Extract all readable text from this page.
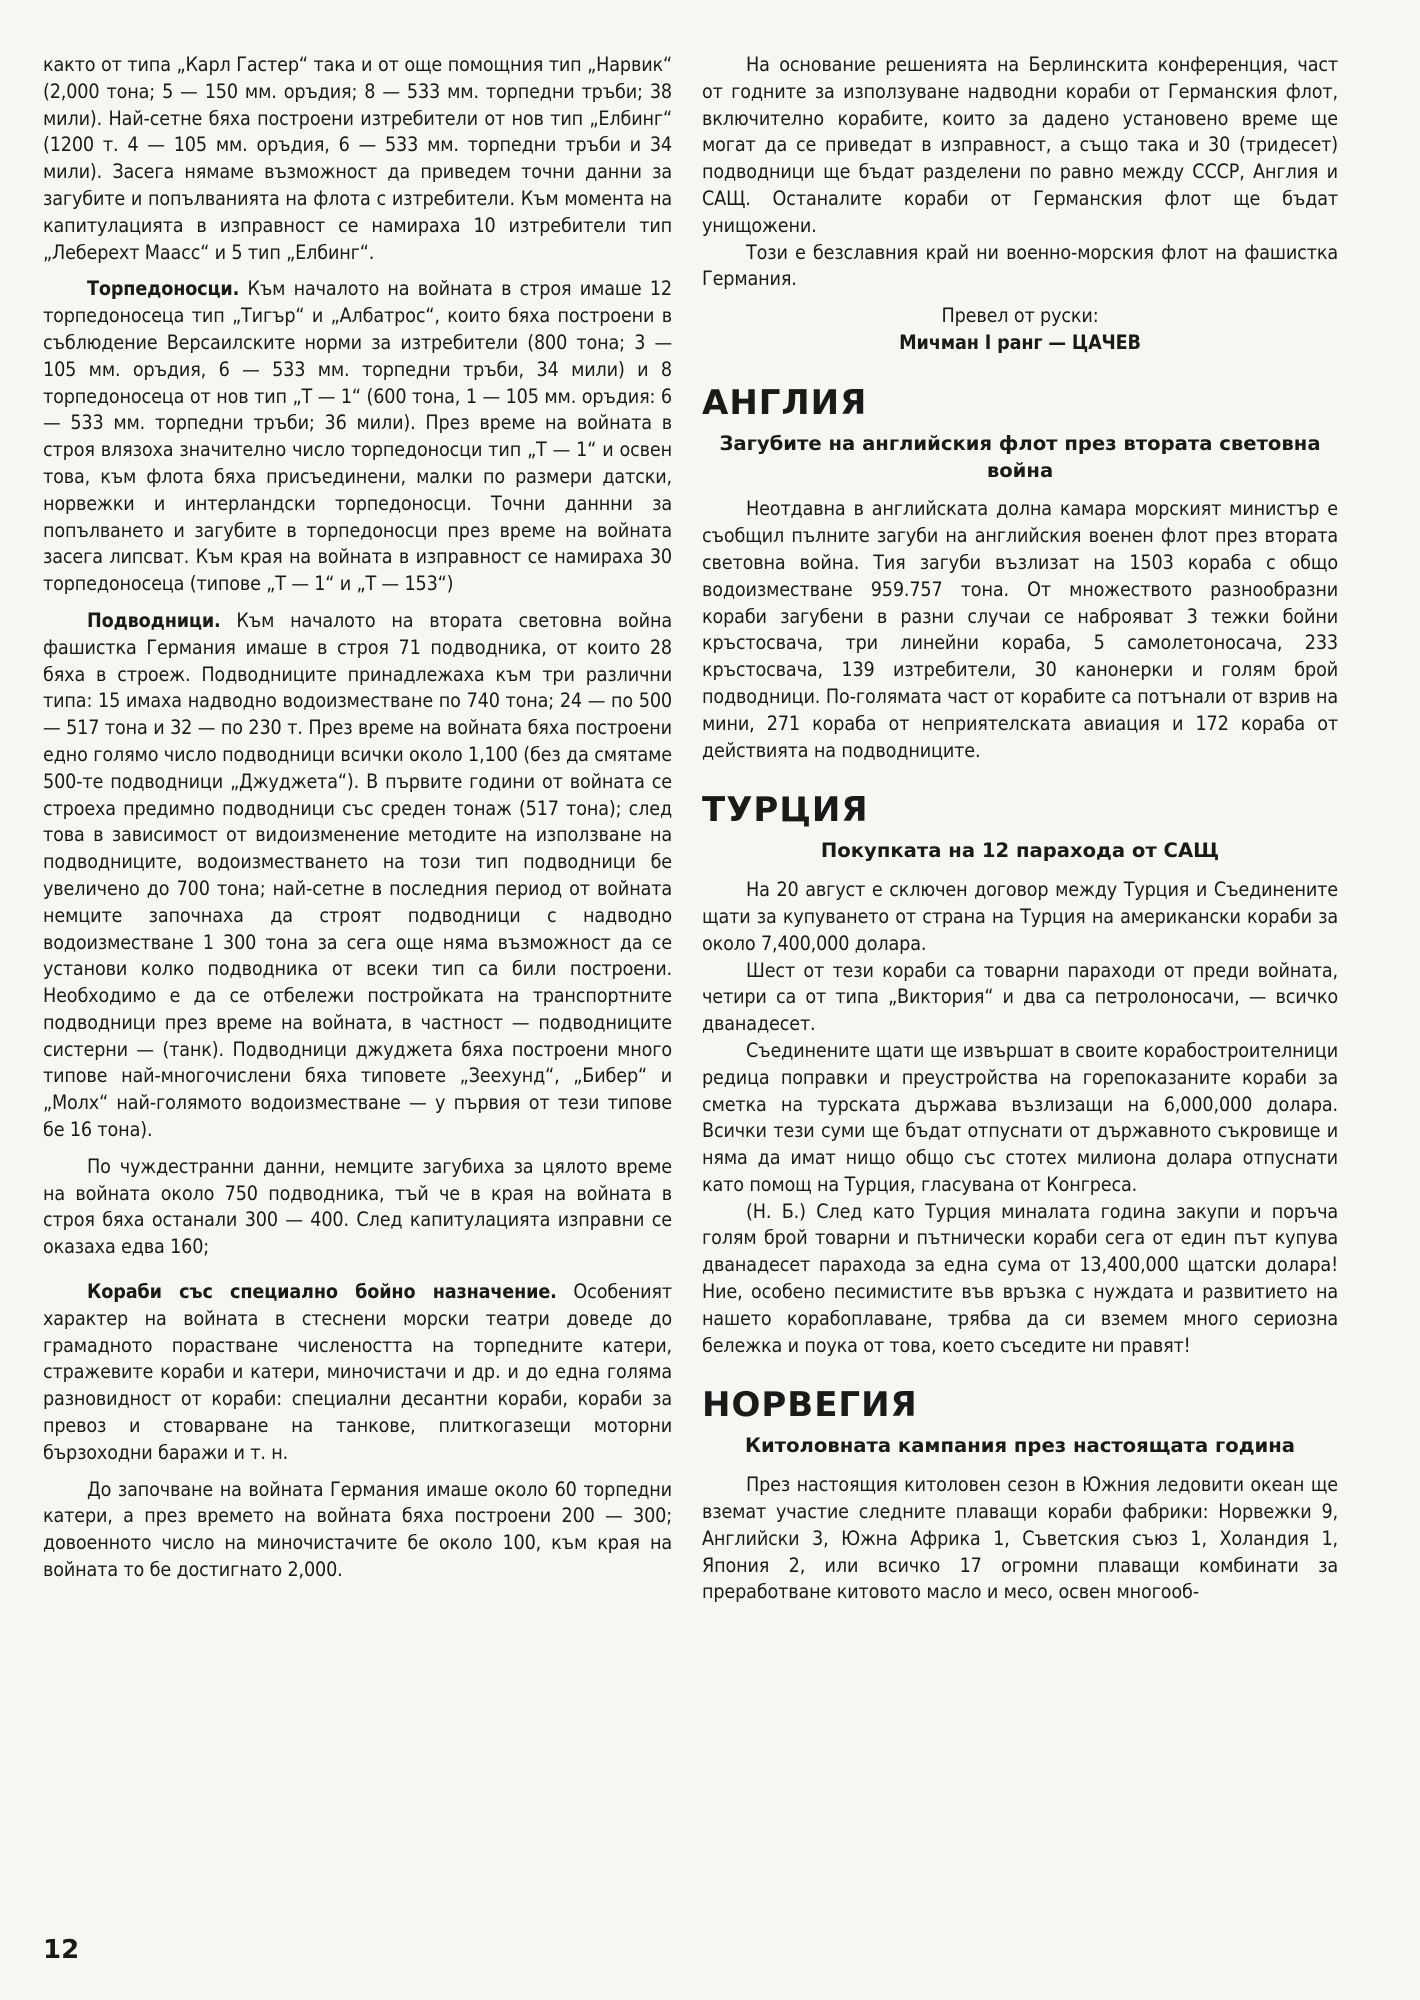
както от типа „Карл Гастер“ така и от още помощния тип „Нарвик“ (2,000 тона; 5 — 150 мм. оръдия; 8 — 533 мм. торпедни тръби; 38 мили). Най-сетне бяха построени изтребители от нов тип „Елбинг“ (1200 т. 4 — 105 мм. оръдия, 6 — 533 мм. торпедни тръби и 34 мили). Засега нямаме възможност да приведем точни данни за загубите и попълванията на флота с изтребители. Към момента на капитулацията в изправност се намираха 10 изтребители тип „Леберехт Маасс“ и 5 тип „Елбинг“.

Торпедоносци. Към началото на войната в строя имаше 12 торпедоносеца тип „Тигър“ и „Албатрос“, които бяха построени в съблюдение Версаилските норми за изтребители (800 тона; 3 — 105 мм. оръдия, 6 — 533 мм. торпедни тръби, 34 мили) и 8 торпедоносеца от нов тип „Т — 1“ (600 тона, 1 — 105 мм. оръдия: 6 — 533 мм. торпедни тръби; 36 мили). През време на войната в строя влязоха значително число торпедоносци тип „Т — 1“ и освен това, към флота бяха присъединени, малки по размери датски, норвежки и интерландски торпедоносци. Точни даннни за попълването и загубите в торпедоносци през време на войната засега липсват. Към края на войната в изправност се намираха 30 торпедоносеца (типове „Т — 1“ и „Т — 153“)

Подводници. Към началото на втората световна война фашистка Германия имаше в строя 71 подводника, от които 28 бяха в строеж. Подводниците принадлежаха към три различни типа: 15 имаха надводно водоизместване по 740 тона; 24 — по 500 — 517 тона и 32 — по 230 т. През време на войната бяха построени едно голямо число подводници всички около 1,100 (без да смятаме 500-те подводници „Джуджета“). В първите години от войната се строеха предимно подводници със среден тонаж (517 тона); след това в зависимост от видоизменение методите на използване на подводниците, водоизместването на този тип подводници бе увеличено до 700 тона; най-сетне в последния период от войната немците започнаха да строят подводници с надводно водоизместване 1 300 тона за сега още няма възможност да се установи колко подводника от всеки тип са били построени. Необходимо е да се отбележи постройката на транспортните подводници през време на войната, в частност — подводниците систерни — (танк). Подводници джуджета бяха построени много типове най-многочислени бяха типовете „Зеехунд“, „Бибер“ и „Молх“ най-голямото водоизместване — у първия от тези типове бе 16 тона).

По чуждестранни данни, немците загубиха за цялото време на войната около 750 подводника, тъй че в края на войната в строя бяха останали 300 — 400. След капитулацията изправни се оказаха едва 160;

Кораби със специално бойно назначение. Особеният характер на войната в стеснени морски театри доведе до грамадното порастване числеността на торпедните катери, стражевите кораби и катери, миночистачи и др. и до една голяма разновидност от кораби: специални десантни кораби, кораби за превоз и стоварване на танкове, плиткогазещи моторни бързоходни баражи и т. н.

До започване на войната Германия имаше около 60 торпедни катери, а през времето на войната бяха построени 200 — 300; довоенното число на миночистачите бе около 100, към края на войната то бе достигнато 2,000.

На основание решенията на Берлинскита конференция, част от годните за използуване надводни кораби от Германския флот, включително корабите, които за дадено установено време ще могат да се приведат в изправност, а също така и 30 (тридесет) подводници ще бъдат разделени по равно между СССР, Англия и САЩ. Останалите кораби от Германския флот ще бъдат унищожени.

Този е безславния край ни военно-морския флот на фашистка Германия.

Превел от руски:

Мичман I ранг — ЦАЧЕВ

АНГЛИЯ
Загубите на английския флот през втората световна война

Неотдавна в английската долна камара морският министър е съобщил пълните загуби на английския военен флот през втората световна война. Тия загуби възлизат на 1503 кораба с общо водоизместване 959.757 тона. От множеството разнообразни кораби загубени в разни случаи се наброяват 3 тежки бойни кръстосвача, три линейни кораба, 5 самолетоносача, 233 кръстосвача, 139 изтребители, 30 канонерки и голям брой подводници. По-голямата част от корабите са потънали от взрив на мини, 271 кораба от неприятелската авиация и 172 кораба от действията на подводниците.

ТУРЦИЯ
Покупката на 12 парахода от САЩ

На 20 август е сключен договор между Турция и Съединените щати за купуването от страна на Турция на американски кораби за около 7,400,000 долара.

Шест от тези кораби са товарни параходи от преди войната, четири са от типа „Виктория“ и два са петролоносачи, — всичко дванадесет.

Съединените щати ще извършат в своите корабостроителници редица поправки и преустройства на горепоказаните кораби за сметка на турската държава възлизащи на 6,000,000 долара. Всички тези суми ще бъдат отпуснати от държавното съкровище и няма да имат нищо общо със стотех милиона долара отпуснати като помощ на Турция, гласувана от Конгреса.

(Н. Б.) След като Турция миналата година закупи и поръча голям брой товарни и пътнически кораби сега от един път купува дванадесет парахода за една сума от 13,400,000 щатски долара! Ние, особено песимистите във връзка с нуждата и развитието на нашето корабоплаване, трябва да си вземем много сериозна бележка и поука от това, което съседите ни правят!

НОРВЕГИЯ
Китоловната кампания през настоящата година

През настоящия китоловен сезон в Южния ледовити океан ще вземат участие следните плаващи кораби фабрики: Норвежки 9, Английски 3, Южна Африка 1, Съветския съюз 1, Холандия 1, Япония 2, или всичко 17 огромни плаващи комбинати за преработване китовото масло и месо, освен многооб-

12
